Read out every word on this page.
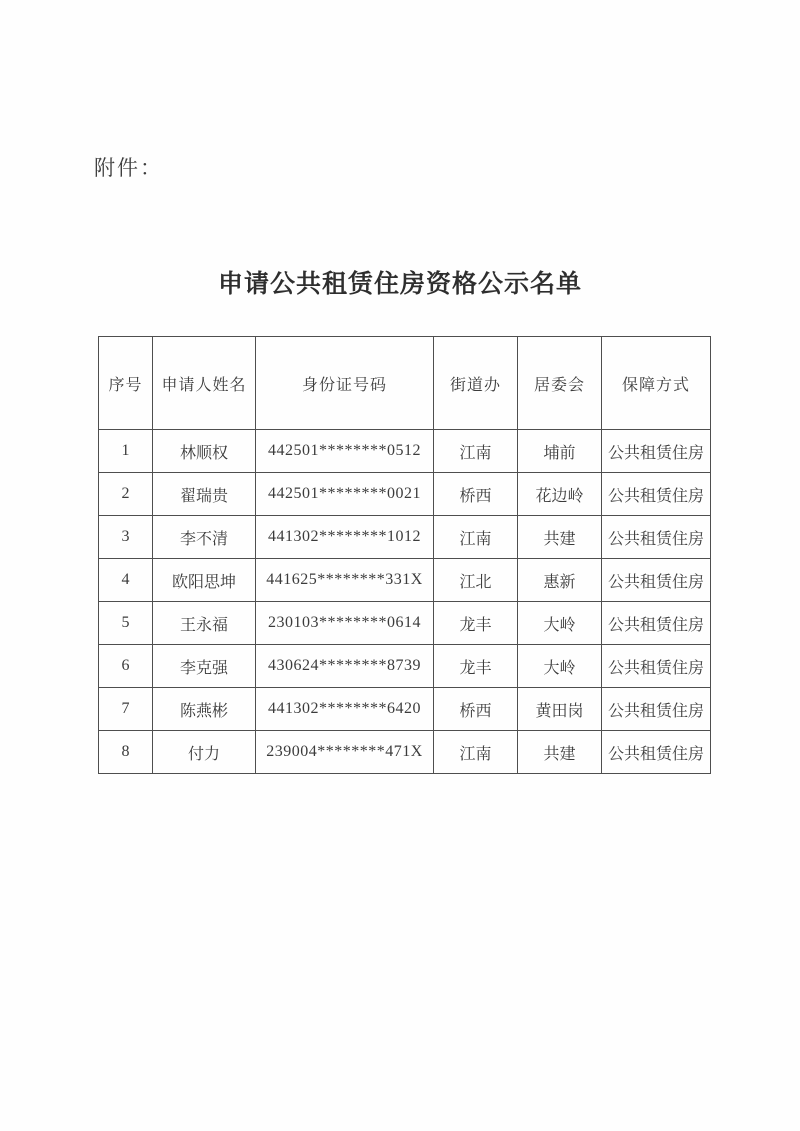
附件：
申请公共租赁住房资格公示名单
序号	申请人姓名	身份证号码	街道办	居委会	保障方式
1	林顺权	442501********0512	江南	埔前	公共租赁住房
2	翟瑞贵	442501********0021	桥西	花边岭	公共租赁住房
3	李不清	441302********1012	江南	共建	公共租赁住房
4	欧阳思坤	441625********331X	江北	惠新	公共租赁住房
5	王永福	230103********0614	龙丰	大岭	公共租赁住房
6	李克强	430624********8739	龙丰	大岭	公共租赁住房
7	陈燕彬	441302********6420	桥西	黄田岗	公共租赁住房
8	付力	239004********471X	江南	共建	公共租赁住房
